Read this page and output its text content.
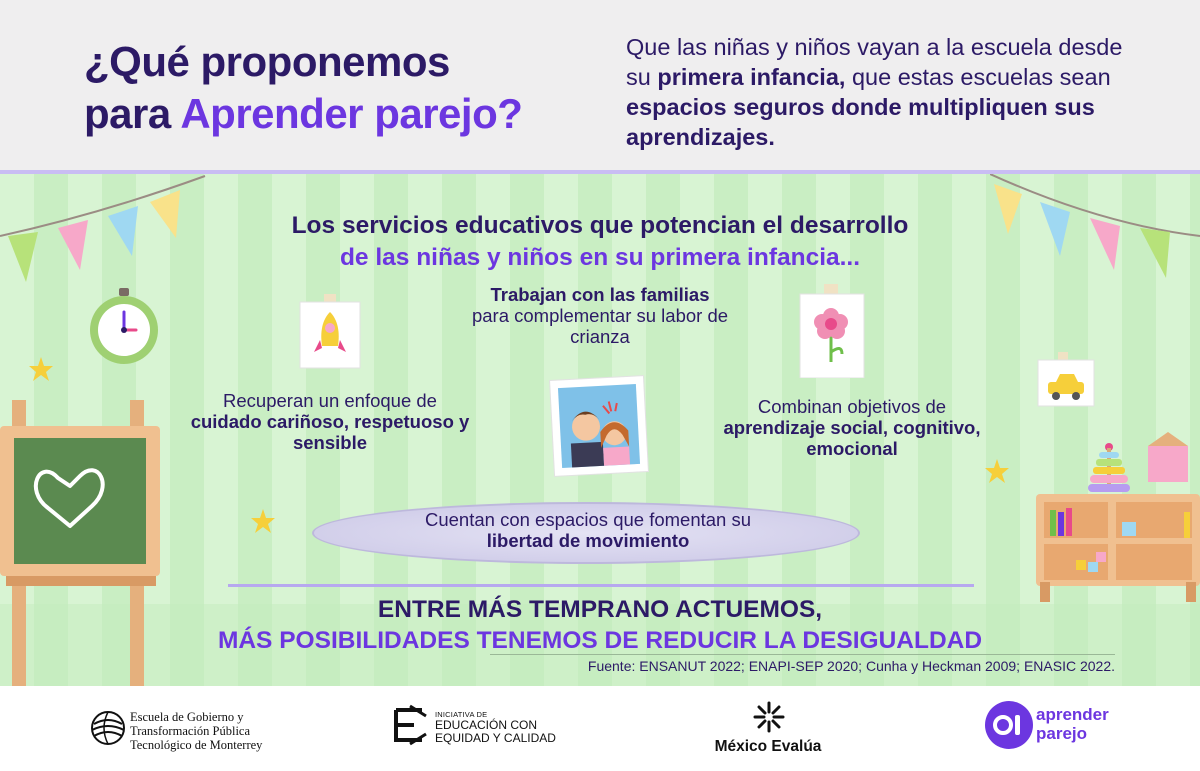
¿Qué proponemos
para Aprender parejo?

Que las niñas y niños vayan a la escuela desde su primera infancia, que estas escuelas sean espacios seguros donde multipliquen sus aprendizajes.

Los servicios educativos que potencian el desarrollo
de las niñas y niños en su primera infancia...

Trabajan con las familias
para complementar su labor de crianza

Recuperan un enfoque de cuidado cariñoso, respetuoso y sensible

Combinan objetivos de aprendizaje social, cognitivo, emocional

Cuentan con espacios que fomentan su
libertad de movimiento

ENTRE MÁS TEMPRANO ACTUEMOS,
MÁS POSIBILIDADES TENEMOS DE REDUCIR LA DESIGUALDAD

Fuente: ENSANUT 2022; ENAPI-SEP 2020; Cunha y Heckman 2009; ENASIC 2022.

Escuela de Gobierno y
Transformación Pública
Tecnológico de Monterrey
INICIATIVA DE
EDUCACIÓN CON
EQUIDAD Y CALIDAD	México Evalúa
aprender
parejo
